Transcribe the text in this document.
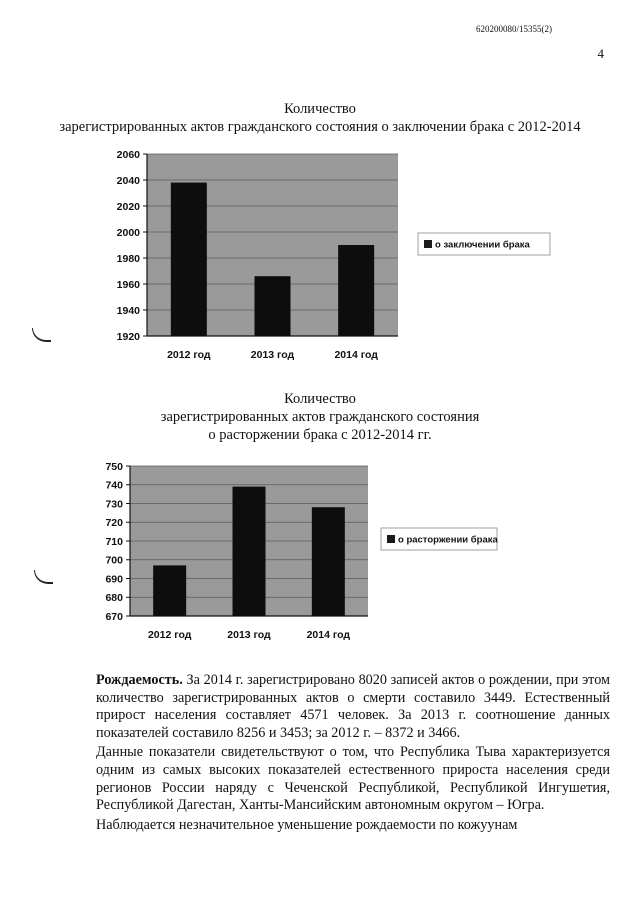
620200080/15355(2)
4
Количество
зарегистрированных актов гражданского состояния о заключении брака с 2012-2014
1920
1940
1960
1980
2000
2020
2040
2060
2012 год	2013 год	2014 год
о заключении брака
Количество
зарегистрированных актов гражданского состояния
о расторжении брака с 2012-2014 гг.
670
680
690
700
710
720
730
740
750
2012 год	2013 год	2014 год
о расторжении брака

Рождаемость. За 2014 г. зарегистрировано 8020 записей актов о рождении, при этом количество зарегистрированных актов о смерти составило 3449. Естественный прирост населения составляет 4571 человек. За 2013 г. соотношение данных показателей составило 8256 и 3453; за 2012 г. – 8372 и 3466.

Данные показатели свидетельствуют о том, что Республика Тыва характеризуется одним из самых высоких показателей естественного прироста населения среди регионов России наряду с Чеченской Республикой, Республикой Ингушетия, Республикой Дагестан, Ханты-Мансийским автономным округом – Югра.

Наблюдается незначительное уменьшение рождаемости по кожуунам
